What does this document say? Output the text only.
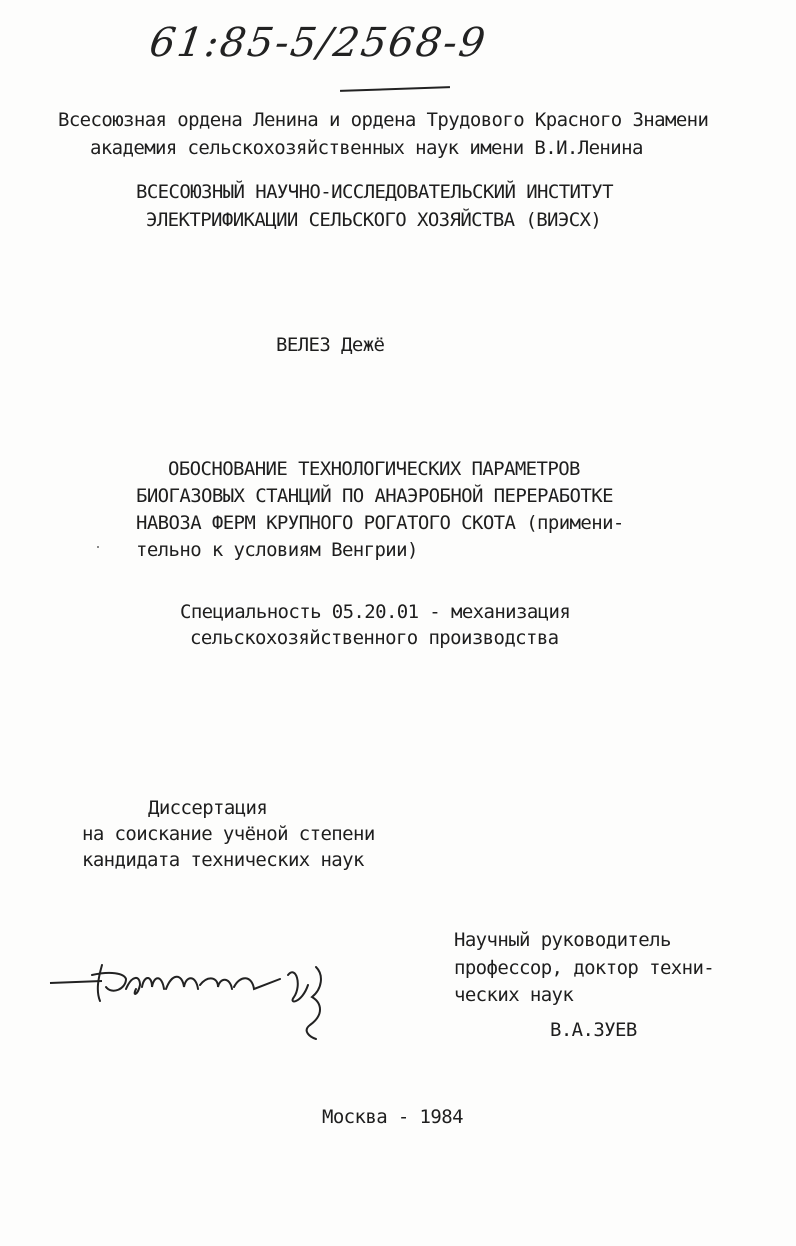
61:85-5/2568-9
Всесоюзная ордена Ленина и ордена Трудового Красного Знамени
академия сельскохозяйственных наук имени В.И.Ленина
ВСЕСОЮЗНЫЙ НАУЧНО-ИССЛЕДОВАТЕЛЬСКИЙ ИНСТИТУТ
ЭЛЕКТРИФИКАЦИИ СЕЛЬСКОГО ХОЗЯЙСТВА (ВИЭСХ)
ВЕЛЕЗ Дежё
ОБОСНОВАНИЕ ТЕХНОЛОГИЧЕСКИХ ПАРАМЕТРОВ
БИОГАЗОВЫХ СТАНЦИЙ ПО АНАЭРОБНОЙ ПЕРЕРАБОТКЕ
НАВОЗА ФЕРМ КРУПНОГО РОГАТОГО СКОТА (примени-
тельно к условиям Венгрии)
Специальность 05.20.01 - механизация
сельскохозяйственного производства
Диссертация
на соискание учёной степени
кандидата технических наук
Научный руководитель
профессор, доктор техни-
ческих наук
В.А.ЗУЕВ
Москва - 1984
